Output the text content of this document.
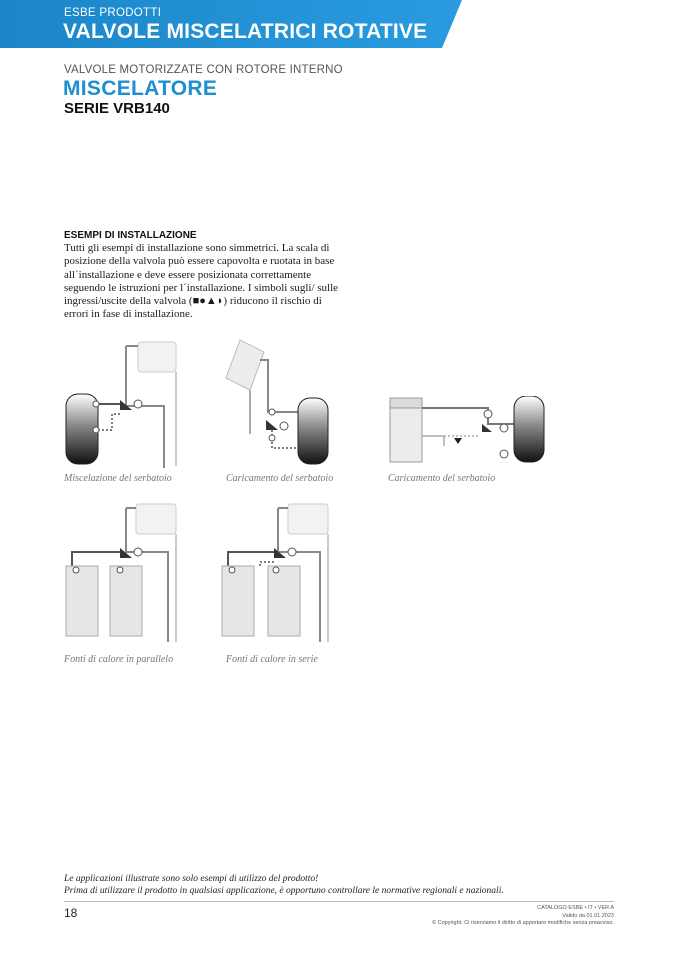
ESBE PRODOTTI
VALVOLE MISCELATRICI ROTATIVE
VALVOLE MOTORIZZATE CON ROTORE INTERNO
MISCELATORE
SERIE VRB140
ESEMPI DI INSTALLAZIONE
Tutti gli esempi di installazione sono simmetrici. La scala di posizione della valvola può essere capovolta e ruotata in base all´installazione e deve essere posizionata correttamente seguendo le istruzioni per l´installazione. I simboli sugli/ sulle ingressi/uscite della valvola (■●▲◗) riducono il rischio di errori in fase di installazione.
Miscelazione del serbatoio	Caricamento del serbatoio	Caricamento del serbatoio
Fonti di calore in parallelo	Fonti di calore in serie
Le applicazioni illustrate sono solo esempi di utilizzo del prodotto!
Prima di utilizzare il prodotto in qualsiasi applicazione, è opportuno controllare le normative regionali e nazionali.
18	CATALOGO ESBE • IT • VER A
Valido da 01.01.2023
© Copyright. Ci riserviamo il diritto di apportare modifiche senza preavviso.
